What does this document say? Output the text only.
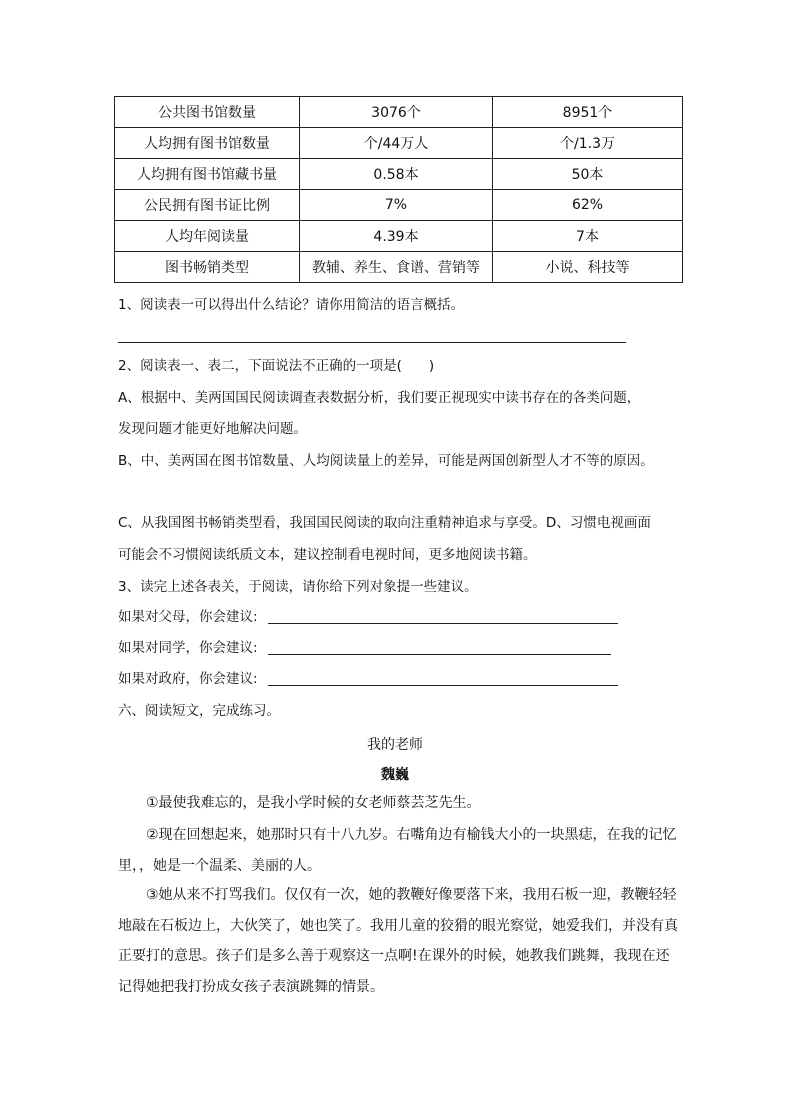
公共图书馆数量	3076个	8951个
人均拥有图书馆数量	个/44万人	个/1.3万
人均拥有图书馆藏书量	0.58本	50本
公民拥有图书证比例	7%	62%
人均年阅读量	4.39本	7本
图书畅销类型	教辅、养生、食谱、营销等	小说、科技等
1、阅读表一可以得出什么结论？请你用简洁的语言概括。
2、阅读表一、表二，下面说法不正确的一项是(　　)
A、根据中、美两国国民阅读调查表数据分析，我们要正视现实中读书存在的各类问题，
发现问题才能更好地解决问题。
B、中、美两国在图书馆数量、人均阅读量上的差异，可能是两国创新型人才不等的原因。
C、从我国图书畅销类型看，我国国民阅读的取向注重精神追求与享受。D、习惯电视画面
可能会不习惯阅读纸质文本，建议控制看电视时间，更多地阅读书籍。
3、读完上述各表关，于阅读，请你给下列对象提一些建议。
如果对父母，你会建议:
如果对同学，你会建议:
如果对政府，你会建议:
六、阅读短文，完成练习。
我的老师
魏巍
①最使我难忘的，是我小学时候的女老师蔡芸芝先生。
②现在回想起来，她那时只有十八九岁。右嘴角边有榆钱大小的一块黑痣，在我的记忆里，，她是一个温柔、美丽的人。
③她从来不打骂我们。仅仅有一次，她的教鞭好像要落下来，我用石板一迎，教鞭轻轻地敲在石板边上，大伙笑了，她也笑了。我用儿童的狡猾的眼光察觉，她爱我们，并没有真正要打的意思。孩子们是多么善于观察这一点啊!在课外的时候，她教我们跳舞，我现在还记得她把我打扮成女孩子表演跳舞的情景。
